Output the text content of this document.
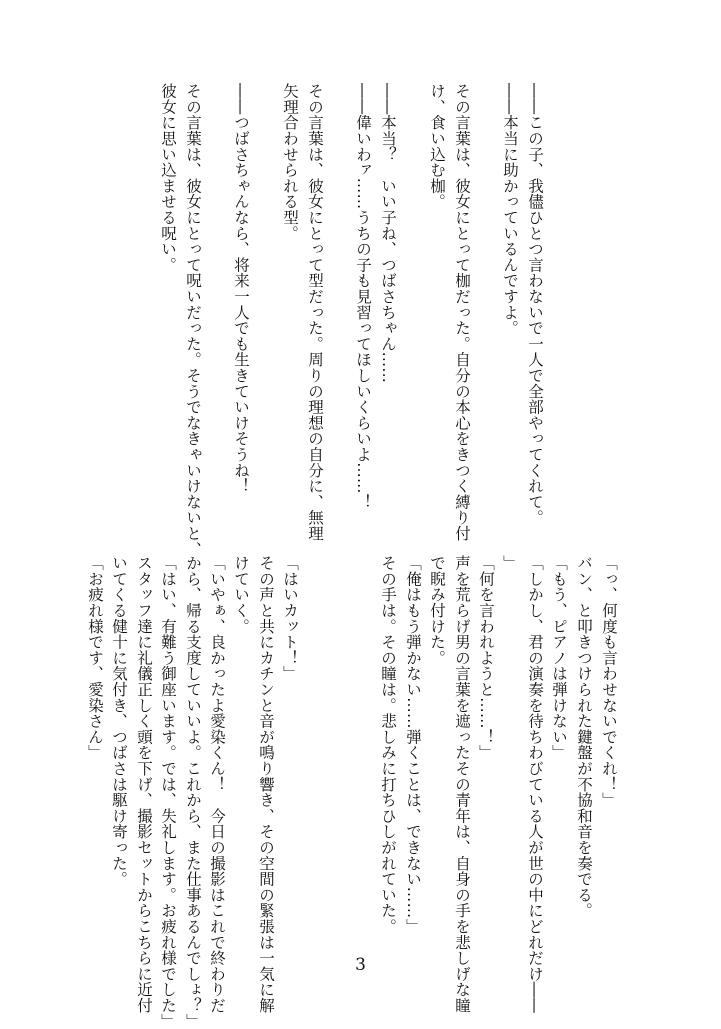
――この子、我儘ひとつ言わないで一人で全部やってくれて。

――本当に助かっているんですよ。

その言葉は、彼女にとって枷だった。自分の本心をきつく縛り付

け、食い込む枷。

――本当？　いい子ね、つばさちゃん……

――偉いわァ……うちの子も見習ってほしいくらいよ……！

その言葉は、彼女にとって型だった。周りの理想の自分に、無理

矢理合わせられる型。

――つばさちゃんなら、将来一人でも生きていけそうね！

その言葉は、彼女にとって呪いだった。そうでなきゃいけないと、

彼女に思い込ませる呪い。

「っ、何度も言わせないでくれ！」

バン、と叩きつけられた鍵盤が不協和音を奏でる。

「もう、ピアノは弾けない」

「しかし、君の演奏を待ちわびている人が世の中にどれだけ――

」

「何を言われようと……！」

声を荒らげ男の言葉を遮ったその青年は、自身の手を悲しげな瞳

で睨み付けた。

「俺はもう弾かない……弾くことは、できない……」

その手は。その瞳は。悲しみに打ちひしがれていた。

「はいカット！」

その声と共にカチンと音が鳴り響き、その空間の緊張は一気に解

けていく。

「いやぁ、良かったよ愛染くん！　今日の撮影はこれで終わりだ

から、帰る支度していいよ。これから、また仕事あるんでしょ？」

「はい、有難う御座います。では、失礼します。お疲れ様でした」

スタッフ達に礼儀正しく頭を下げ、撮影セットからこちらに近付

いてくる健十に気付き、つばさは駆け寄った。

「お疲れ様です、愛染さん」

3
